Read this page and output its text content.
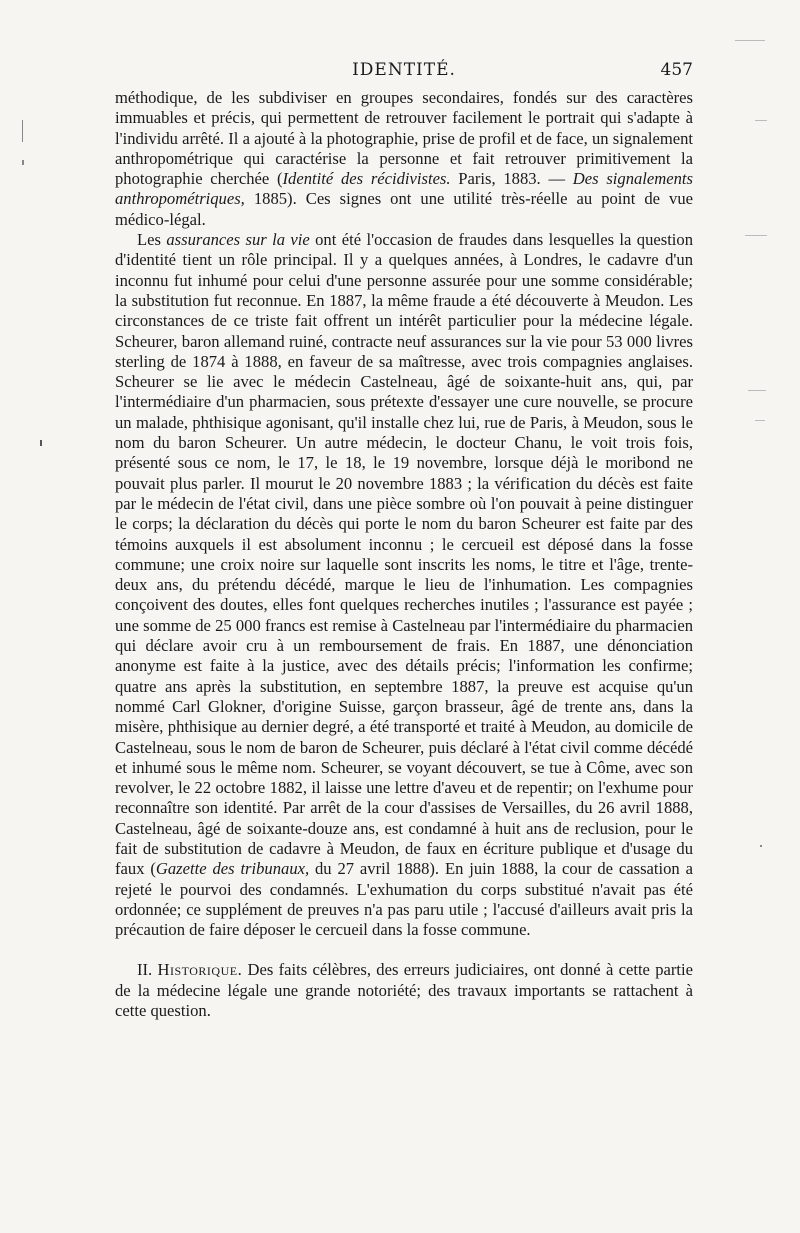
IDENTITÉ.	457

méthodique, de les subdiviser en groupes secondaires, fondés sur des caractères immuables et précis, qui permettent de retrouver facilement le portrait qui s'adapte à l'individu arrêté. Il a ajouté à la photographie, prise de profil et de face, un signalement anthropométrique qui caractérise la personne et fait retrouver primitivement la photographie cherchée (Identité des récidivistes. Paris, 1883. — Des signalements anthropométriques, 1885). Ces signes ont une utilité très-réelle au point de vue médico-légal.

Les assurances sur la vie ont été l'occasion de fraudes dans lesquelles la question d'identité tient un rôle principal. Il y a quelques années, à Londres, le cadavre d'un inconnu fut inhumé pour celui d'une personne assurée pour une somme considérable; la substitution fut reconnue. En 1887, la même fraude a été découverte à Meudon. Les circonstances de ce triste fait offrent un intérêt particulier pour la médecine légale. Scheurer, baron allemand ruiné, contracte neuf assurances sur la vie pour 53 000 livres sterling de 1874 à 1888, en faveur de sa maîtresse, avec trois compagnies anglaises. Scheurer se lie avec le médecin Castelneau, âgé de soixante-huit ans, qui, par l'intermédiaire d'un pharmacien, sous prétexte d'essayer une cure nouvelle, se procure un malade, phthisique agonisant, qu'il installe chez lui, rue de Paris, à Meudon, sous le nom du baron Scheurer. Un autre médecin, le docteur Chanu, le voit trois fois, présenté sous ce nom, le 17, le 18, le 19 novembre, lorsque déjà le moribond ne pouvait plus parler. Il mourut le 20 novembre 1883 ; la vérification du décès est faite par le médecin de l'état civil, dans une pièce sombre où l'on pouvait à peine distinguer le corps; la déclaration du décès qui porte le nom du baron Scheurer est faite par des témoins auxquels il est absolument inconnu ; le cercueil est déposé dans la fosse commune; une croix noire sur laquelle sont inscrits les noms, le titre et l'âge, trente-deux ans, du prétendu décédé, marque le lieu de l'inhumation. Les compagnies conçoivent des doutes, elles font quelques recherches inutiles ; l'assurance est payée ; une somme de 25 000 francs est remise à Castelneau par l'intermédiaire du pharmacien qui déclare avoir cru à un remboursement de frais. En 1887, une dénonciation anonyme est faite à la justice, avec des détails précis; l'information les confirme; quatre ans après la substitution, en septembre 1887, la preuve est acquise qu'un nommé Carl Glokner, d'origine Suisse, garçon brasseur, âgé de trente ans, dans la misère, phthisique au dernier degré, a été transporté et traité à Meudon, au domicile de Castelneau, sous le nom de baron de Scheurer, puis déclaré à l'état civil comme décédé et inhumé sous le même nom. Scheurer, se voyant découvert, se tue à Côme, avec son revolver, le 22 octobre 1882, il laisse une lettre d'aveu et de repentir; on l'exhume pour reconnaître son identité. Par arrêt de la cour d'assises de Versailles, du 26 avril 1888, Castelneau, âgé de soixante-douze ans, est condamné à huit ans de reclusion, pour le fait de substitution de cadavre à Meudon, de faux en écriture publique et d'usage du faux (Gazette des tribunaux, du 27 avril 1888). En juin 1888, la cour de cassation a rejeté le pourvoi des condamnés. L'exhumation du corps substitué n'avait pas été ordonnée; ce supplément de preuves n'a pas paru utile ; l'accusé d'ailleurs avait pris la précaution de faire déposer le cercueil dans la fosse commune.

II. Historique. Des faits célèbres, des erreurs judiciaires, ont donné à cette partie de la médecine légale une grande notoriété; des travaux importants se rattachent à cette question.
